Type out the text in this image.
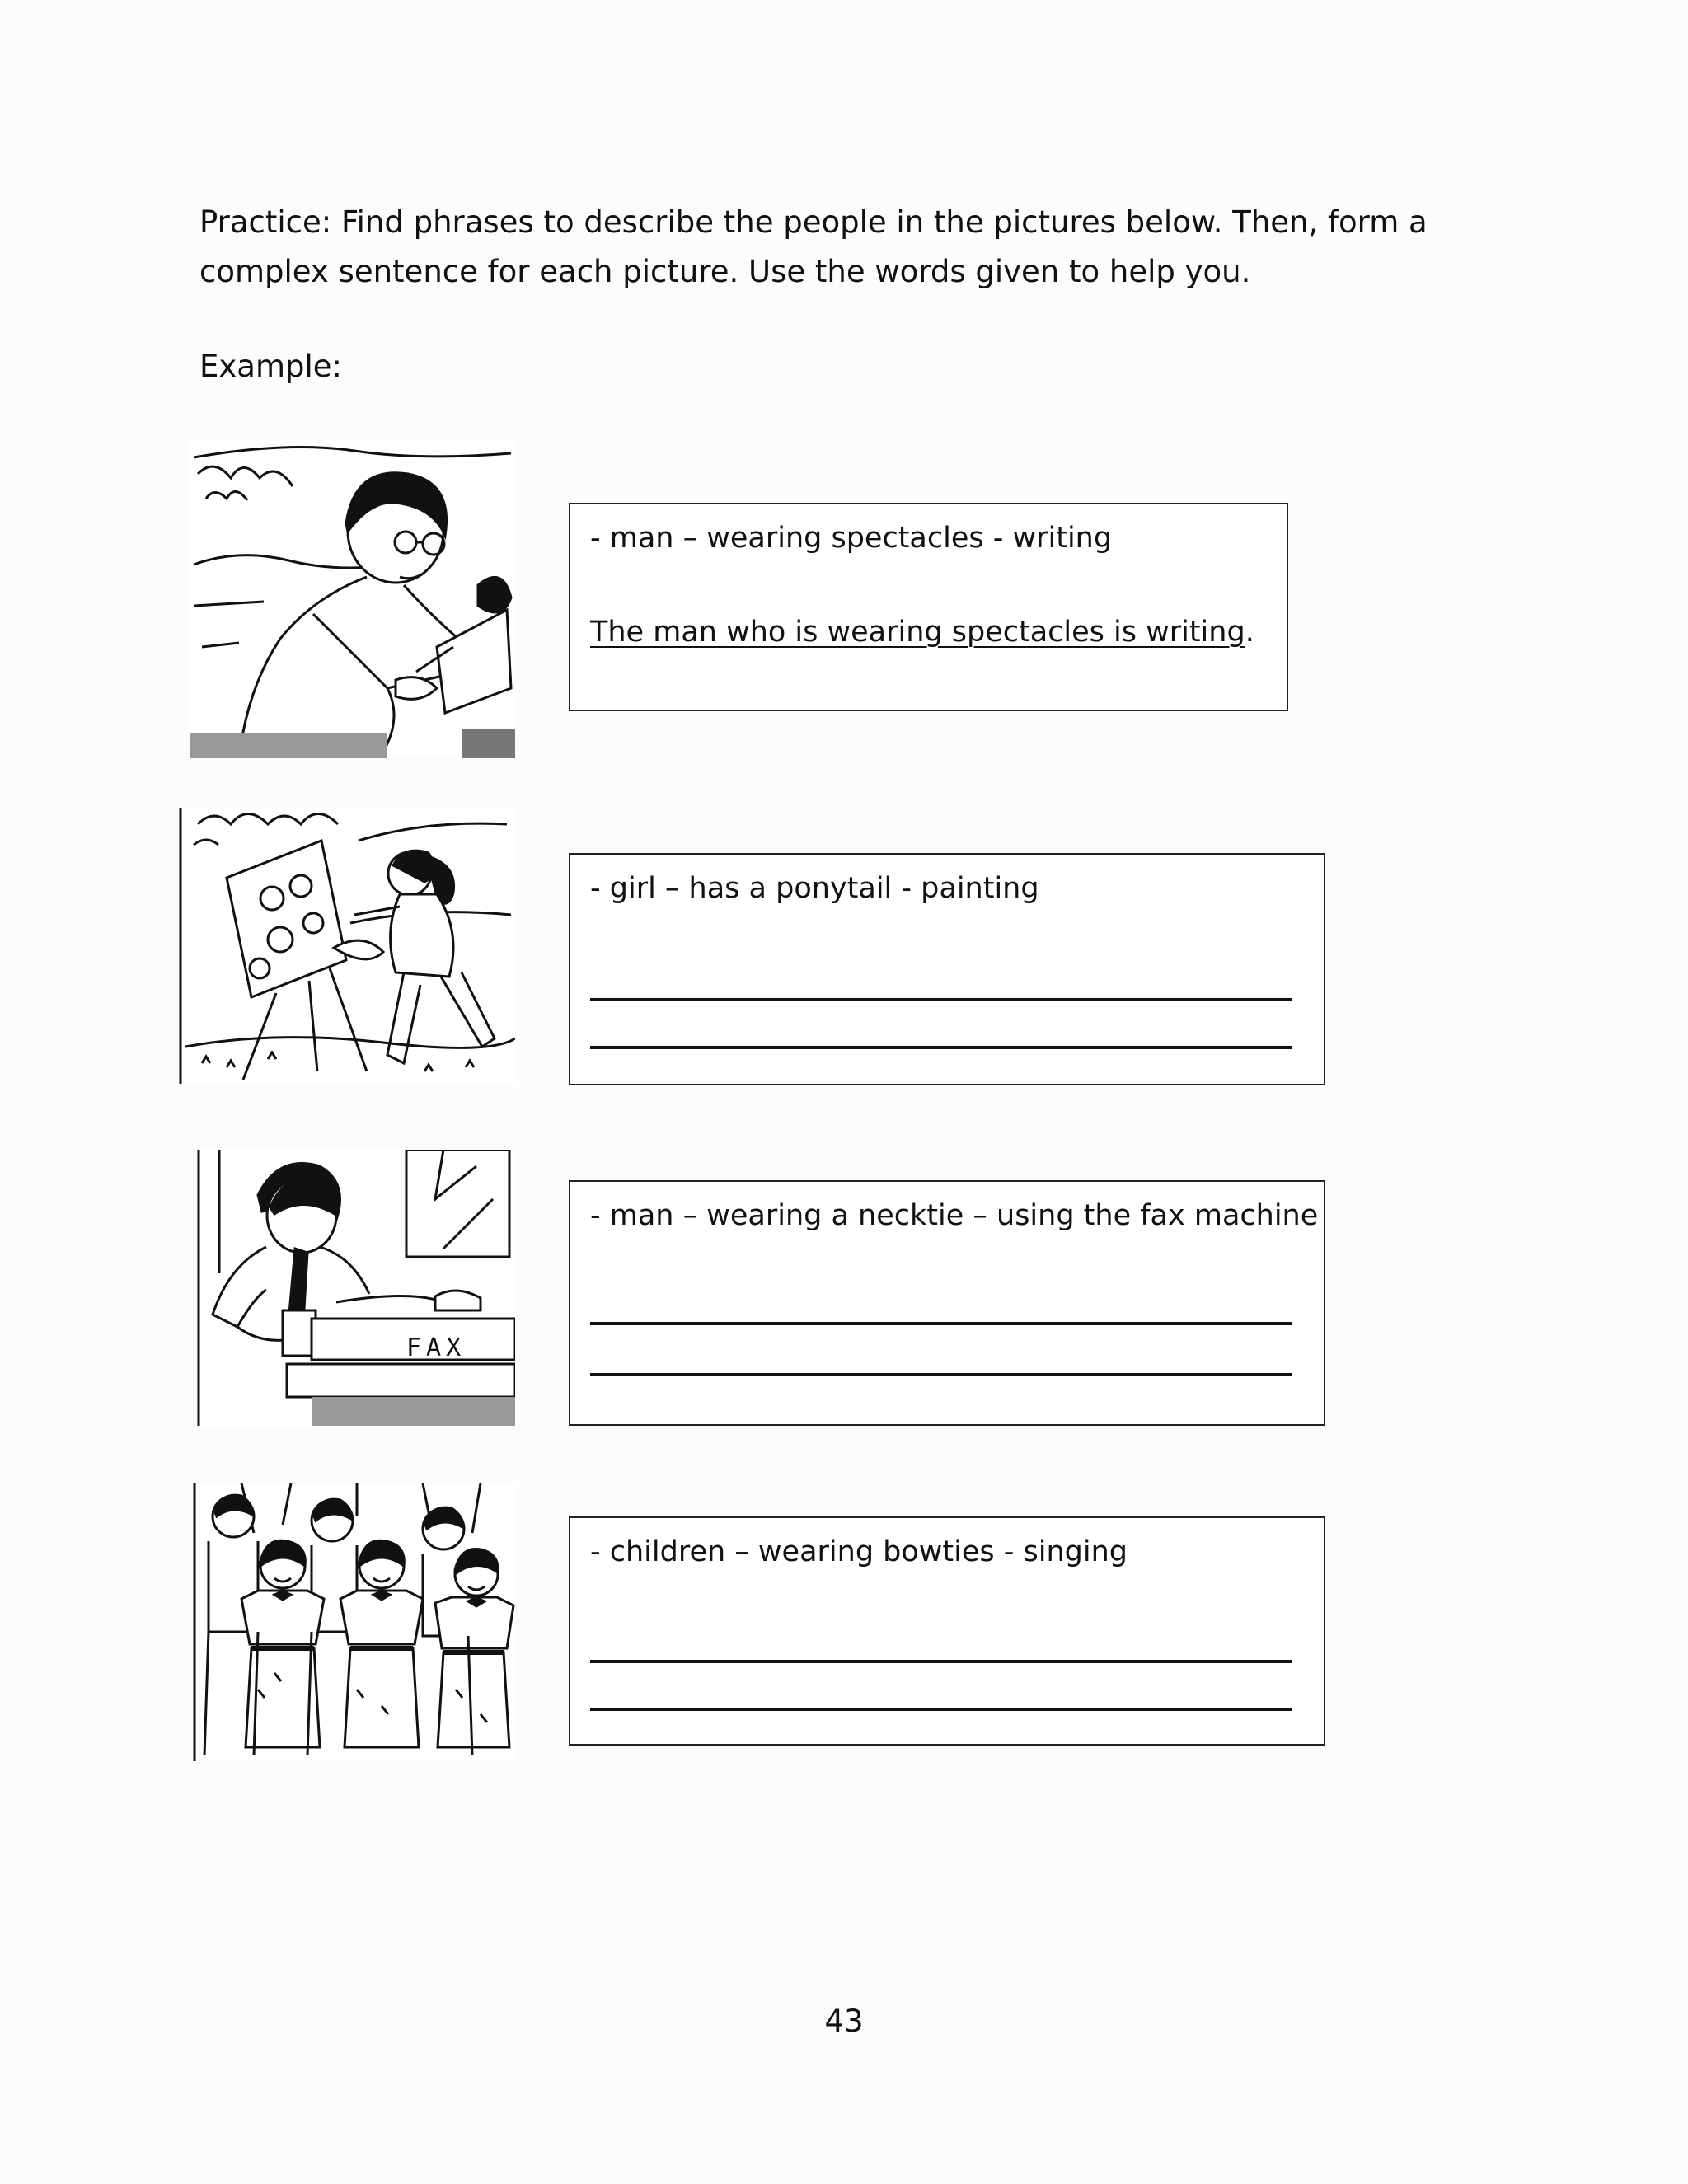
Practice: Find phrases to describe the people in the pictures below. Then, form a complex sentence for each picture. Use the words given to help you.

Example:
- man – wearing spectacles - writing
The man who is wearing spectacles is writing.
- girl – has a ponytail - painting
FAX
- man – wearing a necktie – using the fax machine
- children – wearing bowties - singing
43
